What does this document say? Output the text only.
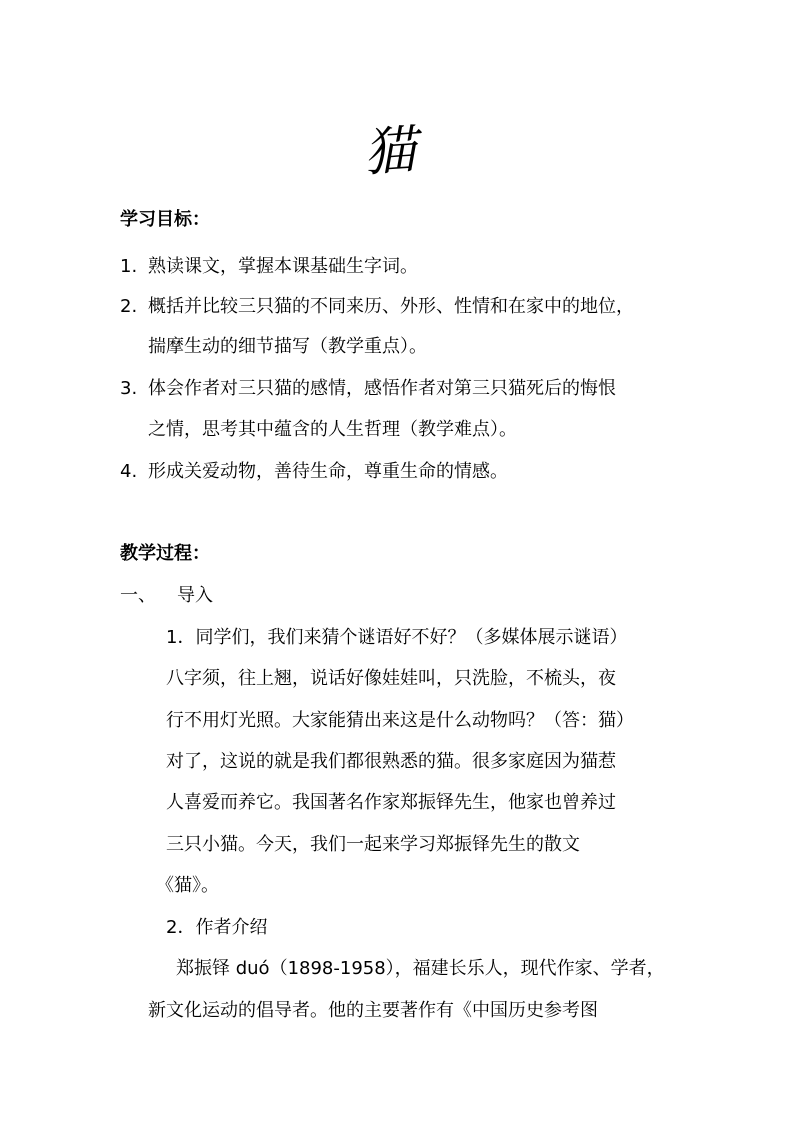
猫
学习目标：
1. 熟读课文，掌握本课基础生字词。
2. 概括并比较三只猫的不同来历、外形、性情和在家中的地位，
揣摩生动的细节描写（教学重点）。
3. 体会作者对三只猫的感情，感悟作者对第三只猫死后的悔恨
之情，思考其中蕴含的人生哲理（教学难点）。
4. 形成关爱动物，善待生命，尊重生命的情感。
教学过程：
一、 导入
1．同学们，我们来猜个谜语好不好？（多媒体展示谜语）
八字须，往上翘，说话好像娃娃叫，只洗脸，不梳头，夜
行不用灯光照。大家能猜出来这是什么动物吗？（答：猫）
对了，这说的就是我们都很熟悉的猫。很多家庭因为猫惹
人喜爱而养它。我国著名作家郑振铎先生，他家也曾养过
三只小猫。今天，我们一起来学习郑振铎先生的散文
《猫》。
2．作者介绍
郑振铎 duó（1898-1958），福建长乐人，现代作家、学者，
新文化运动的倡导者。他的主要著作有《中国历史参考图
